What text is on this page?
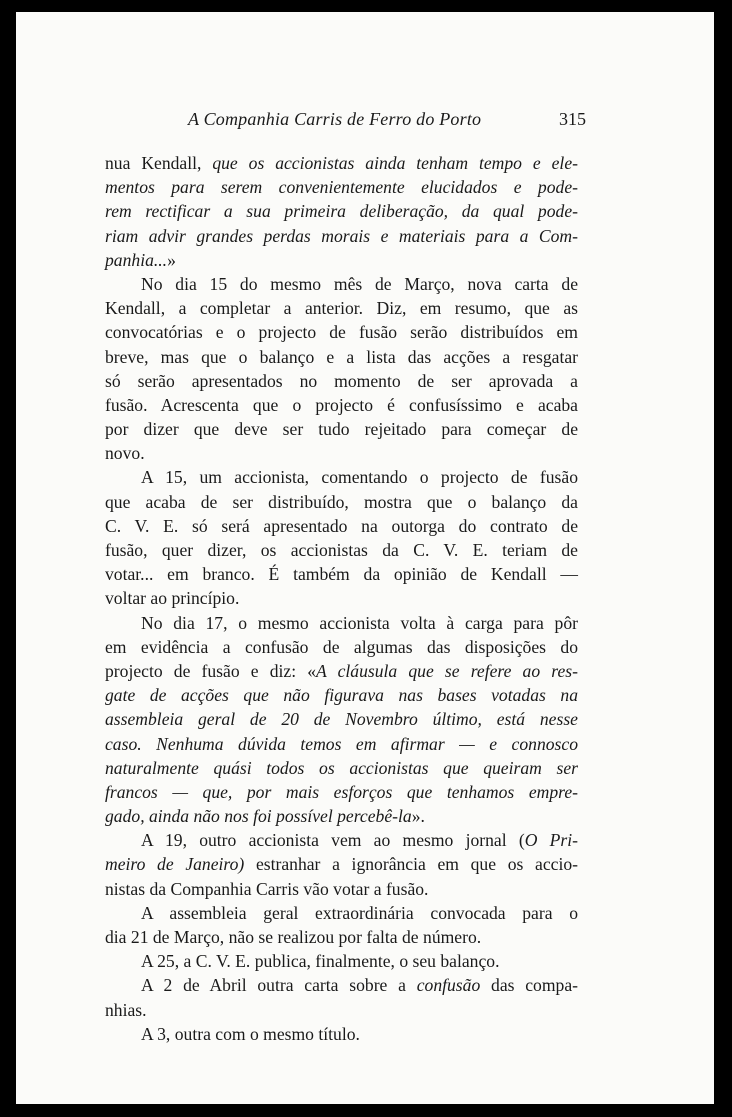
A Companhia Carris de Ferro do Porto	315
nua Kendall, que os accionistas ainda tenham tempo e ele-
mentos para serem convenientemente elucidados e pode-
rem rectificar a sua primeira deliberação, da qual pode-
riam advir grandes perdas morais e materiais para a Com-
panhia...»
No dia 15 do mesmo mês de Março, nova carta de
Kendall, a completar a anterior. Diz, em resumo, que as
convocatórias e o projecto de fusão serão distribuídos em
breve, mas que o balanço e a lista das acções a resgatar
só serão apresentados no momento de ser aprovada a
fusão. Acrescenta que o projecto é confusíssimo e acaba
por dizer que deve ser tudo rejeitado para começar de
novo.
A 15, um accionista, comentando o projecto de fusão
que acaba de ser distribuído, mostra que o balanço da
C. V. E. só será apresentado na outorga do contrato de
fusão, quer dizer, os accionistas da C. V. E. teriam de
votar... em branco. É também da opinião de Kendall —
voltar ao princípio.
No dia 17, o mesmo accionista volta à carga para pôr
em evidência a confusão de algumas das disposições do
projecto de fusão e diz: «A cláusula que se refere ao res-
gate de acções que não figurava nas bases votadas na
assembleia geral de 20 de Novembro último, está nesse
caso. Nenhuma dúvida temos em afirmar — e connosco
naturalmente quási todos os accionistas que queiram ser
francos — que, por mais esforços que tenhamos empre-
gado, ainda não nos foi possível percebê-la».
A 19, outro accionista vem ao mesmo jornal (O Pri-
meiro de Janeiro) estranhar a ignorância em que os accio-
nistas da Companhia Carris vão votar a fusão.
A assembleia geral extraordinária convocada para o
dia 21 de Março, não se realizou por falta de número.
A 25, a C. V. E. publica, finalmente, o seu balanço.
A 2 de Abril outra carta sobre a confusão das compa-
nhias.
A 3, outra com o mesmo título.
